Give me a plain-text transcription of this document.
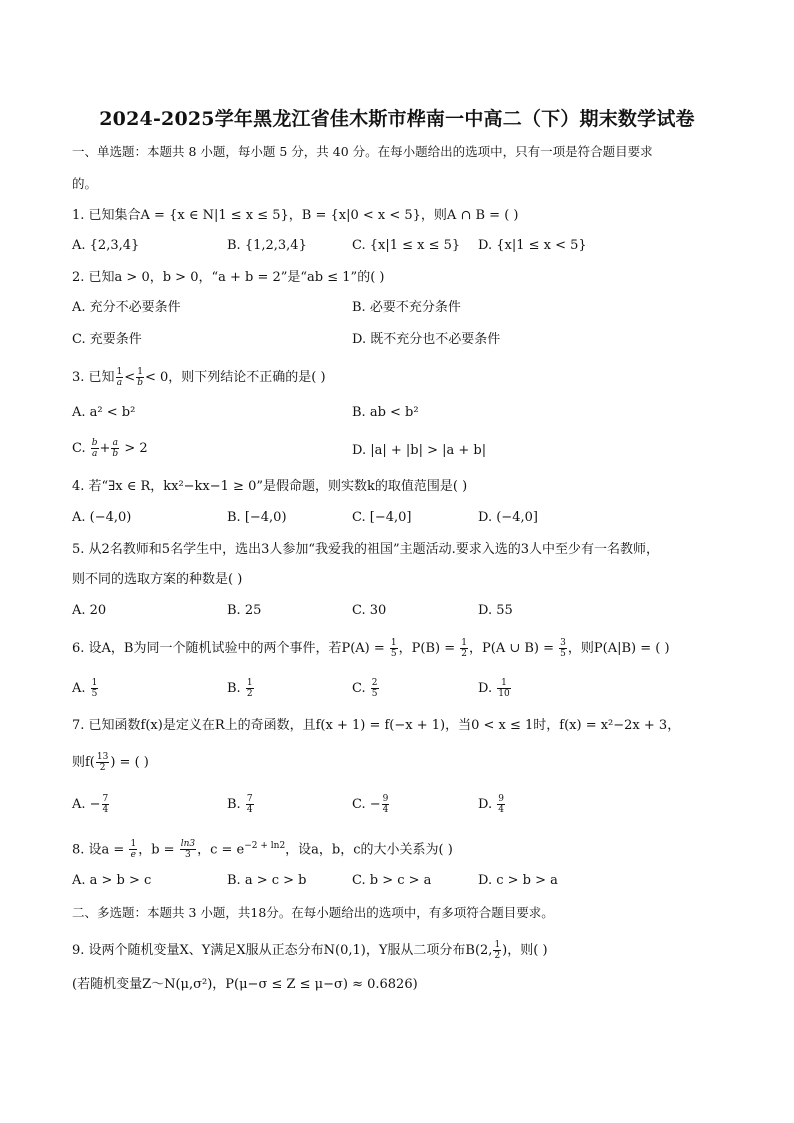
2024-2025学年黑龙江省佳木斯市桦南一中高二（下）期末数学试卷
一、单选题：本题共 8 小题，每小题 5 分，共 40 分。在每小题给出的选项中，只有一项是符合题目要求
的。
1. 已知集合A = {x ∈ N|1 ≤ x ≤ 5}，B = {x|0 < x < 5}，则A ∩ B = ( )
A. {2,3,4}	B. {1,2,3,4}	C. {x|1 ≤ x ≤ 5} D. {x|1 ≤ x < 5}
2. 已知a > 0，b > 0，“a + b = 2”是“ab ≤ 1”的( )
A. 充分不必要条件	B. 必要不充分条件
C. 充要条件	D. 既不充分也不必要条件
3. 已知 $\frac{1}{a} < \frac{1}{b} < 0$，则下列结论不正确的是( )
A. a² < b²	B. ab < b²
C. $\frac{b}{a} + \frac{a}{b} > 2$	D. |a| + |b| > |a + b|
4. 若“∃x ∈ R，kx²−kx−1 ≥ 0”是假命题，则实数k的取值范围是( )
A. (−4,0)	B. [−4,0)	C. [−4,0]	D. (−4,0]
5. 从2名教师和5名学生中，选出3人参加“我爱我的祖国”主题活动.要求入选的3人中至少有一名教师，
则不同的选取方案的种数是( )
A. 20	B. 25	C. 30	D. 55
6. 设A，B为同一个随机试验中的两个事件，若$P(A) = \frac{1}{5}$ ，$P(B) = \frac{1}{2}$ ，P(A ∪ $B) = \frac{3}{5}$ ，则P(A|B) = ( )
A. $\frac{1}{5}$	B. $\frac{1}{2}$	C. $\frac{2}{5}$	D. $\frac{1}{10}$
7. 已知函数f(x)是定义在R上的奇函数，且f(x + 1) = f(−x + 1)，当0 < x ≤ 1时，f(x) = x²−2x + 3，
则$f( \frac{13}{2}$ ) = ( )
A. − $\frac{7}{4}$	B. $\frac{7}{4}$	C. − $\frac{9}{4}$	D. $\frac{9}{4}$
8. 设$a = \frac{1}{e}$ ，$b = \frac{\ln 3}{3}$ ，$c = e^{-2 + ln2}$，设a，b，c的大小关系为( )
A. a > b > c	B. a > c > b	C. b > c > a	D. c > b > a
二、多选题：本题共 3 小题，共18分。在每小题给出的选项中，有多项符合题目要求。
9. 设两个随机变量X、Y满足X服从正态分布N(0,1)，Y服从二项分布B(2, $\frac{1}{2}$ )，则( )
(若随机变量Z～N(μ,σ²)，P(μ−σ ≤ Z ≤ μ−σ) ≈ 0.6826)
